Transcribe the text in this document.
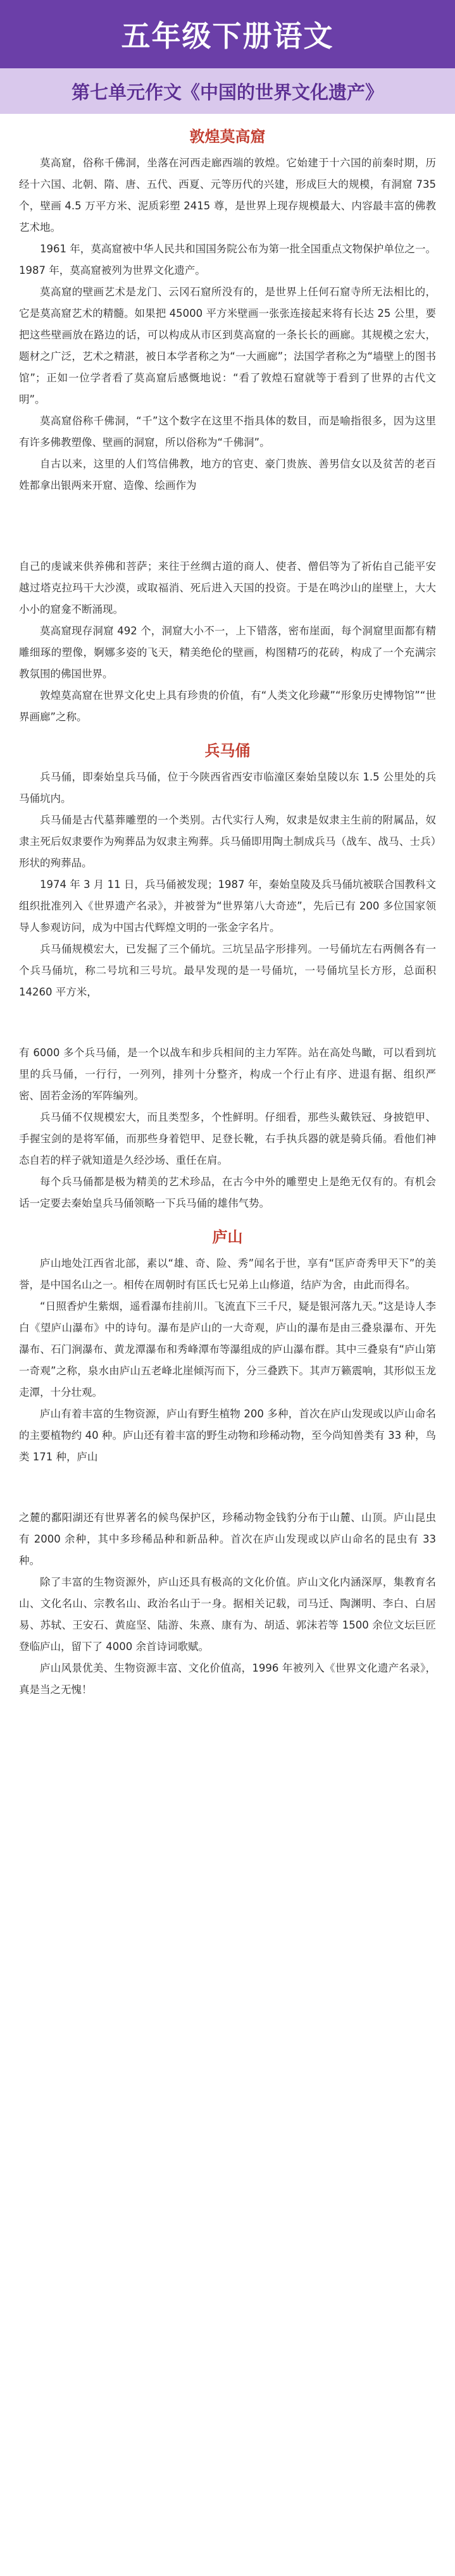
五年级下册语文
第七单元作文《中国的世界文化遗产》
敦煌莫高窟

莫高窟，俗称千佛洞，坐落在河西走廊西端的敦煌。它始建于十六国的前秦时期，历经十六国、北朝、隋、唐、五代、西夏、元等历代的兴建，形成巨大的规模，有洞窟 735 个，壁画 4.5 万平方米、泥质彩塑 2415 尊，是世界上现存规模最大、内容最丰富的佛教艺术地。

1961 年，莫高窟被中华人民共和国国务院公布为第一批全国重点文物保护单位之一。1987 年，莫高窟被列为世界文化遗产。

莫高窟的壁画艺术是龙门、云冈石窟所没有的，是世界上任何石窟寺所无法相比的，它是莫高窟艺术的精髓。如果把 45000 平方米壁画一张张连接起来将有长达 25 公里，要把这些壁画放在路边的话，可以构成从市区到莫高窟的一条长长的画廊。其规模之宏大，题材之广泛，艺术之精湛，被日本学者称之为“一大画廊”；法国学者称之为“墙壁上的图书馆”；正如一位学者看了莫高窟后感慨地说：“看了敦煌石窟就等于看到了世界的古代文明”。

莫高窟俗称千佛洞，“千”这个数字在这里不指具体的数目，而是喻指很多，因为这里有许多佛教塑像、壁画的洞窟，所以俗称为“千佛洞”。

自古以来，这里的人们笃信佛教，地方的官吏、豪门贵族、善男信女以及贫苦的老百姓都拿出银两来开窟、造像、绘画作为

自己的虔诚来供养佛和菩萨；来往于丝绸古道的商人、使者、僧侣等为了祈佑自己能平安越过塔克拉玛干大沙漠，或取福消、死后进入天国的投资。于是在鸣沙山的崖壁上，大大小小的窟龛不断涌现。

莫高窟现存洞窟 492 个，洞窟大小不一，上下错落，密布崖面，每个洞窟里面都有精雕细琢的塑像，婀娜多姿的飞天，精美绝伦的壁画，构图精巧的花砖，构成了一个充满宗教氛围的佛国世界。

敦煌莫高窟在世界文化史上具有珍贵的价值，有“人类文化珍藏”“形象历史博物馆”“世界画廊”之称。

兵马俑

兵马俑，即秦始皇兵马俑，位于今陕西省西安市临潼区秦始皇陵以东 1.5 公里处的兵马俑坑内。

兵马俑是古代墓葬雕塑的一个类别。古代实行人殉，奴隶是奴隶主生前的附属品，奴隶主死后奴隶要作为殉葬品为奴隶主殉葬。兵马俑即用陶土制成兵马（战车、战马、士兵）形状的殉葬品。

1974 年 3 月 11 日，兵马俑被发现；1987 年，秦始皇陵及兵马俑坑被联合国教科文组织批准列入《世界遗产名录》，并被誉为“世界第八大奇迹”，先后已有 200 多位国家领导人参观访问，成为中国古代辉煌文明的一张金字名片。

兵马俑规模宏大，已发掘了三个俑坑。三坑呈品字形排列。一号俑坑左右两侧各有一个兵马俑坑，称二号坑和三号坑。最早发现的是一号俑坑，一号俑坑呈长方形，总面积 14260 平方米，

有 6000 多个兵马俑，是一个以战车和步兵相间的主力军阵。站在高处鸟瞰，可以看到坑里的兵马俑，一行行，一列列，排列十分整齐，构成一个行止有序、进退有据、组织严密、固若金汤的军阵编列。

兵马俑不仅规模宏大，而且类型多，个性鲜明。仔细看，那些头戴铁冠、身披铠甲、手握宝剑的是将军俑，而那些身着铠甲、足登长靴，右手执兵器的就是骑兵俑。看他们神态自若的样子就知道是久经沙场、重任在肩。

每个兵马俑都是极为精美的艺术珍品，在古今中外的雕塑史上是绝无仅有的。有机会话一定要去秦始皇兵马俑领略一下兵马俑的雄伟气势。

庐山

庐山地处江西省北部，素以“雄、奇、险、秀”闻名于世，享有“匡庐奇秀甲天下”的美誉，是中国名山之一。相传在周朝时有匡氏七兄弟上山修道，结庐为舍，由此而得名。

“日照香炉生紫烟，遥看瀑布挂前川。飞流直下三千尺，疑是银河落九天。”这是诗人李白《望庐山瀑布》中的诗句。瀑布是庐山的一大奇观，庐山的瀑布是由三叠泉瀑布、开先瀑布、石门涧瀑布、黄龙潭瀑布和秀峰潭布等瀑组成的庐山瀑布群。其中三叠泉有“庐山第一奇观”之称，泉水由庐山五老峰北崖倾泻而下，分三叠跌下。其声万籁震响，其形似玉龙走潭，十分壮观。

庐山有着丰富的生物资源，庐山有野生植物 200 多种，首次在庐山发现或以庐山命名的主要植物约 40 种。庐山还有着丰富的野生动物和珍稀动物，至今尚知兽类有 33 种，鸟类 171 种，庐山

之麓的鄱阳湖还有世界著名的候鸟保护区，珍稀动物金钱豹分布于山麓、山顶。庐山昆虫有 2000 余种，其中多珍稀品种和新品种。首次在庐山发现或以庐山命名的昆虫有 33 种。

除了丰富的生物资源外，庐山还具有极高的文化价值。庐山文化内涵深厚，集教育名山、文化名山、宗教名山、政治名山于一身。据相关记载，司马迁、陶渊明、李白、白居易、苏轼、王安石、黄庭坚、陆游、朱熹、康有为、胡适、郭沫若等 1500 余位文坛巨匠登临庐山，留下了 4000 余首诗词歌赋。

庐山风景优美、生物资源丰富、文化价值高，1996 年被列入《世界文化遗产名录》，真是当之无愧！
